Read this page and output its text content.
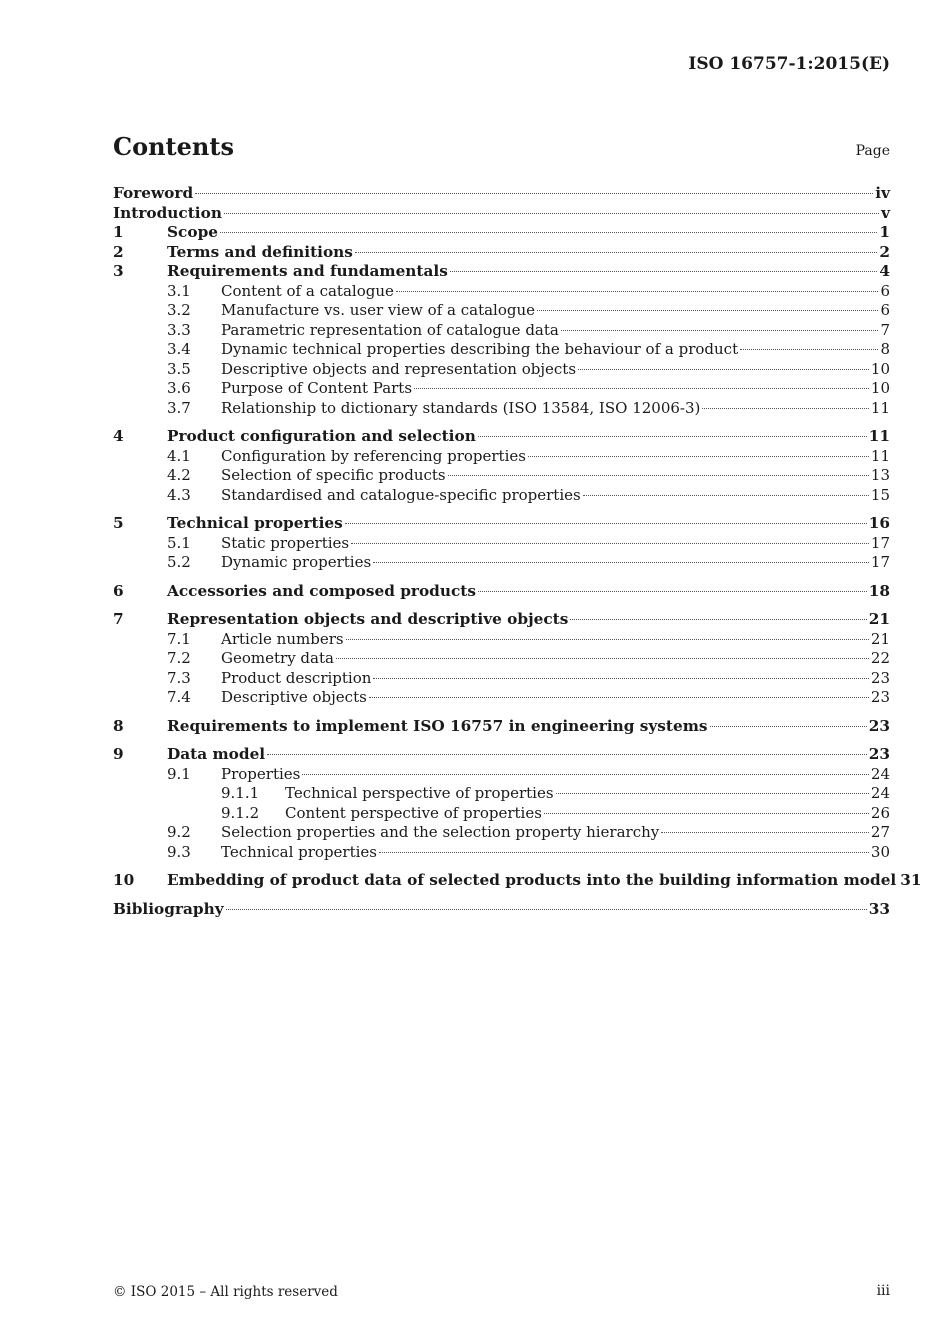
ISO 16757-1:2015(E)
Contents	Page
Foreword	iv
Introduction	v
1	Scope	1
2	Terms and definitions	2
3	Requirements and fundamentals	4
3.1 Content of a catalogue	6
3.2 Manufacture vs. user view of a catalogue	6
3.3 Parametric representation of catalogue data	7
3.4 Dynamic technical properties describing the behaviour of a product	8
3.5 Descriptive objects and representation objects	10
3.6 Purpose of Content Parts	10
3.7 Relationship to dictionary standards (ISO 13584, ISO 12006-3)	11
4	Product configuration and selection	11
4.1 Configuration by referencing properties	11
4.2 Selection of specific products	13
4.3 Standardised and catalogue-specific properties	15
5	Technical properties	16
5.1 Static properties	17
5.2 Dynamic properties	17
6	Accessories and composed products	18
7	Representation objects and descriptive objects	21
7.1 Article numbers	21
7.2 Geometry data	22
7.3 Product description	23
7.4 Descriptive objects	23
8	Requirements to implement ISO 16757 in engineering systems	23
9	Data model	23
9.1 Properties	24
9.1.1 Technical perspective of properties	24
9.1.2 Content perspective of properties	26
9.2 Selection properties and the selection property hierarchy	27
9.3 Technical properties	30
10 Embedding of product data of selected products into the building information model 31
Bibliography	33
© ISO 2015 – All rights reserved	iii
